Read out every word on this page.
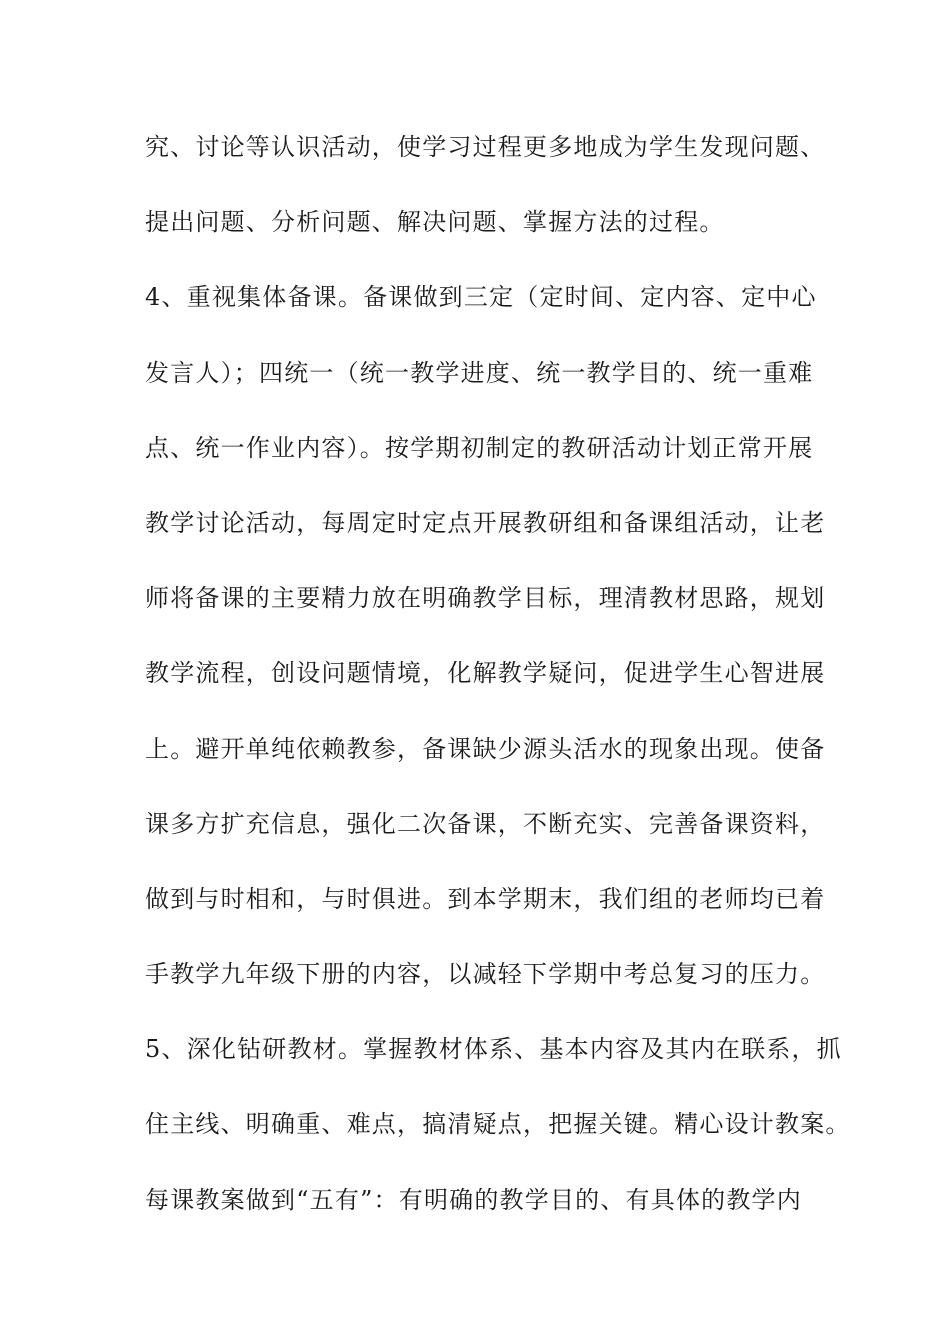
究、讨论等认识活动，使学习过程更多地成为学生发现问题、
提出问题、分析问题、解决问题、掌握方法的过程。
4、重视集体备课。备课做到三定（定时间、定内容、定中心
发言人）；四统一（统一教学进度、统一教学目的、统一重难
点、统一作业内容）。按学期初制定的教研活动计划正常开展
教学讨论活动，每周定时定点开展教研组和备课组活动，让老
师将备课的主要精力放在明确教学目标，理清教材思路，规划
教学流程，创设问题情境，化解教学疑问，促进学生心智进展
上。避开单纯依赖教参，备课缺少源头活水的现象出现。使备
课多方扩充信息，强化二次备课，不断充实、完善备课资料，
做到与时相和，与时俱进。到本学期末，我们组的老师均已着
手教学九年级下册的内容，以减轻下学期中考总复习的压力。
5、深化钻研教材。掌握教材体系、基本内容及其内在联系，抓
住主线、明确重、难点，搞清疑点，把握关键。精心设计教案。
每课教案做到“五有”：有明确的教学目的、有具体的教学内
